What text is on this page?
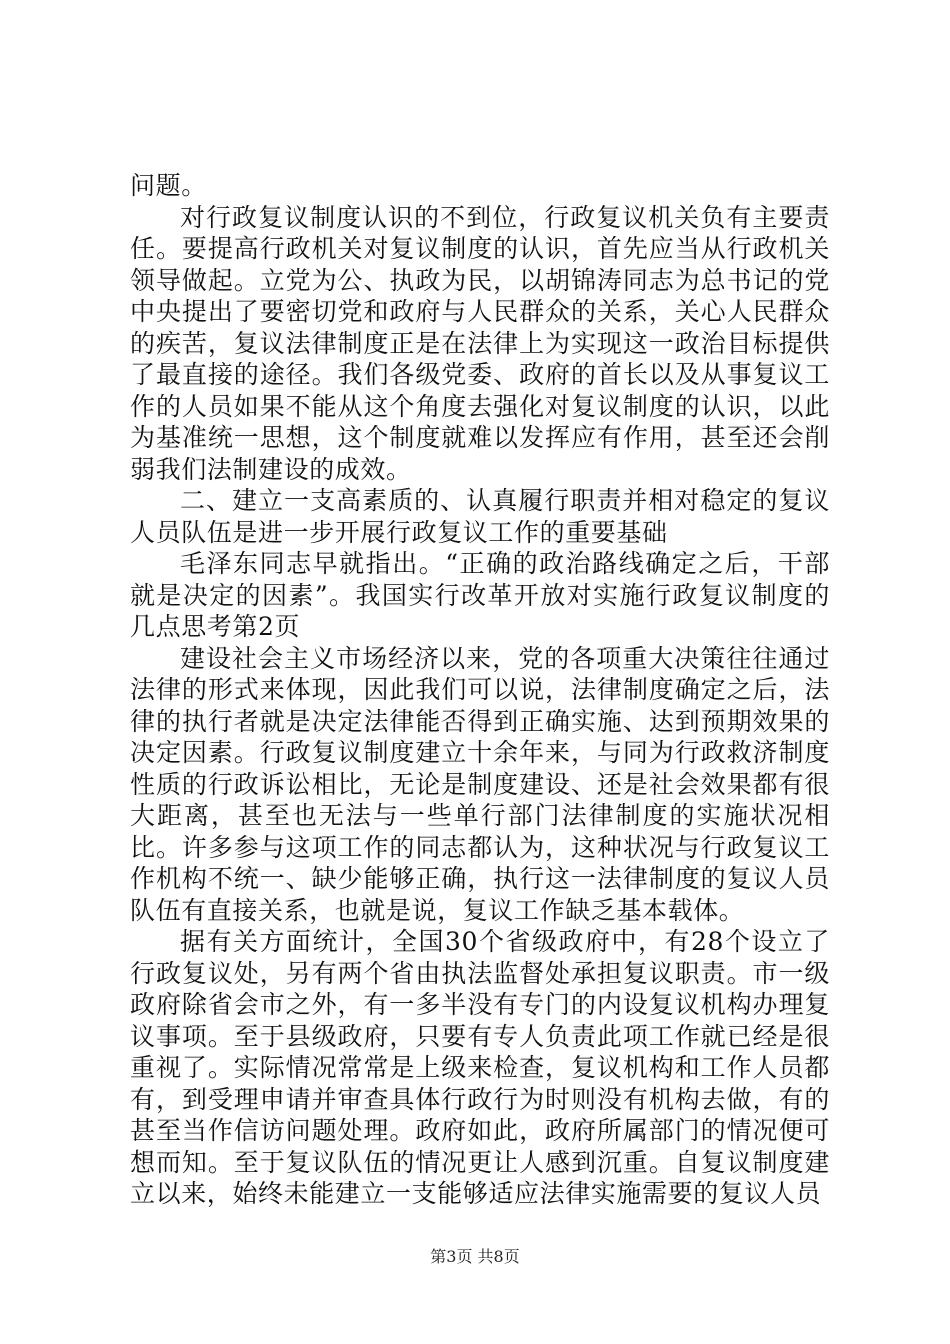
问题。

对行政复议制度认识的不到位，行政复议机关负有主要责任。要提高行政机关对复议制度的认识，首先应当从行政机关领导做起。立党为公、执政为民，以胡锦涛同志为总书记的党中央提出了要密切党和政府与人民群众的关系，关心人民群众的疾苦，复议法律制度正是在法律上为实现这一政治目标提供了最直接的途径。我们各级党委、政府的首长以及从事复议工作的人员如果不能从这个角度去强化对复议制度的认识，以此为基准统一思想，这个制度就难以发挥应有作用，甚至还会削弱我们法制建设的成效。

二、建立一支高素质的、认真履行职责并相对稳定的复议人员队伍是进一步开展行政复议工作的重要基础

毛泽东同志早就指出。“正确的政治路线确定之后，干部就是决定的因素”。我国实行改革开放对实施行政复议制度的几点思考第2页

建设社会主义市场经济以来，党的各项重大决策往往通过法律的形式来体现，因此我们可以说，法律制度确定之后，法律的执行者就是决定法律能否得到正确实施、达到预期效果的决定因素。行政复议制度建立十余年来，与同为行政救济制度性质的行政诉讼相比，无论是制度建设、还是社会效果都有很大距离，甚至也无法与一些单行部门法律制度的实施状况相比。许多参与这项工作的同志都认为，这种状况与行政复议工作机构不统一、缺少能够正确，执行这一法律制度的复议人员队伍有直接关系，也就是说，复议工作缺乏基本载体。

据有关方面统计，全国30个省级政府中，有28个设立了行政复议处，另有两个省由执法监督处承担复议职责。市一级政府除省会市之外，有一多半没有专门的内设复议机构办理复议事项。至于县级政府，只要有专人负责此项工作就已经是很重视了。实际情况常常是上级来检查，复议机构和工作人员都有，到受理申请并审查具体行政行为时则没有机构去做，有的甚至当作信访问题处理。政府如此，政府所属部门的情况便可想而知。至于复议队伍的情况更让人感到沉重。自复议制度建立以来，始终未能建立一支能够适应法律实施需要的复议人员

第3页 共8页
